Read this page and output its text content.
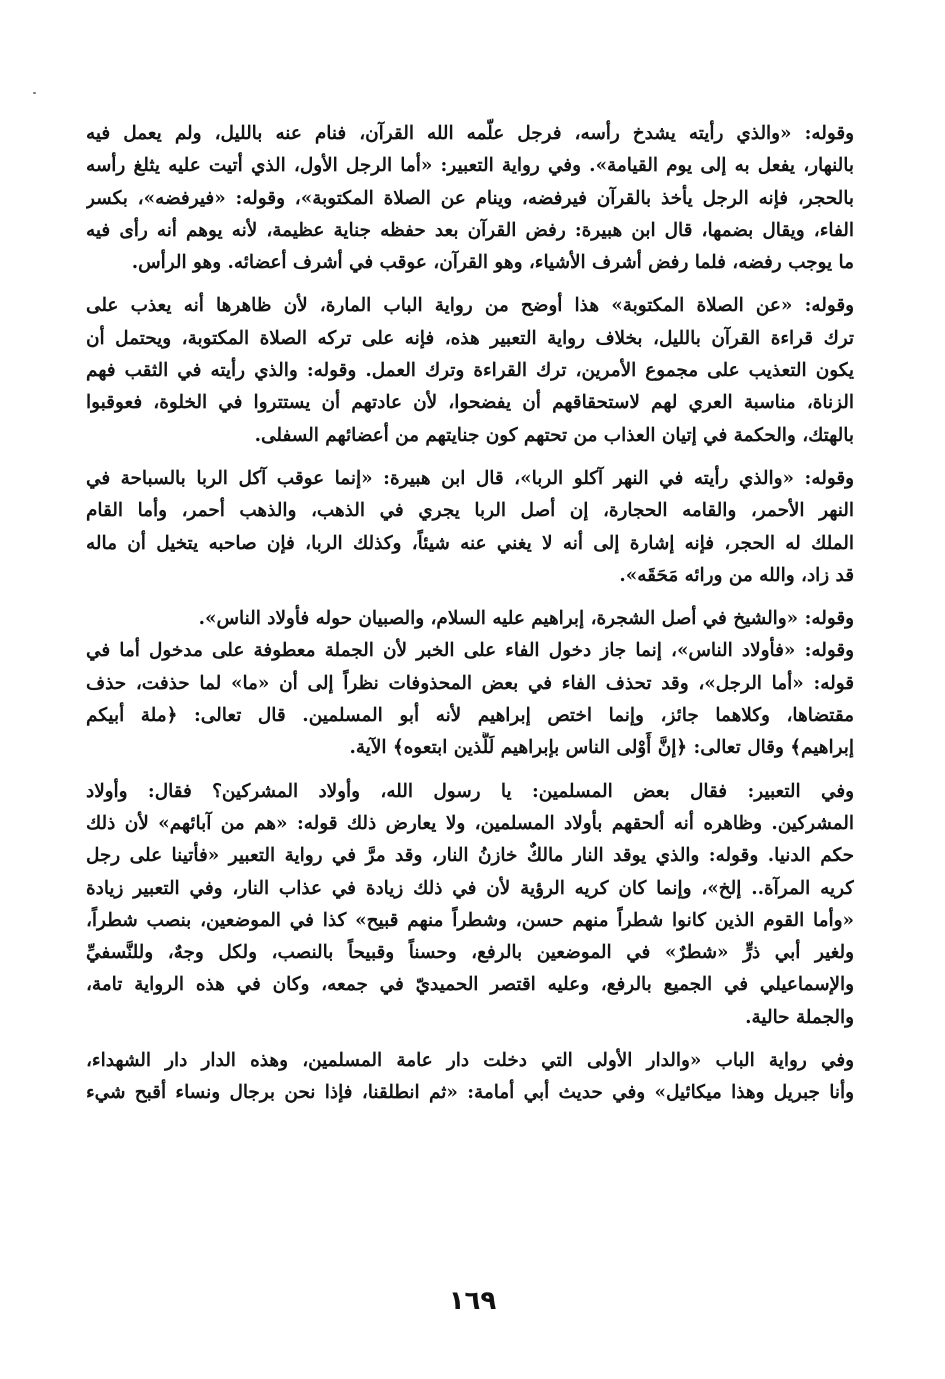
وقوله: «والذي رأيته يشدخ رأسه، فرجل علّمه الله القرآن، فنام عنه بالليل، ولم يعمل فيه
بالنهار، يفعل به إلى يوم القيامة». وفي رواية التعبير: «أما الرجل الأول، الذي أتيت عليه يثلغ رأسه
بالحجر، فإنه الرجل يأخذ بالقرآن فيرفضه، وينام عن الصلاة المكتوبة»، وقوله: «فيرفضه»، بكسر
الفاء، ويقال بضمها، قال ابن هبيرة: رفض القرآن بعد حفظه جناية عظيمة، لأنه يوهم أنه رأى فيه
ما يوجب رفضه، فلما رفض أشرف الأشياء، وهو القرآن، عوقب في أشرف أعضائه. وهو الرأس.

وقوله: «عن الصلاة المكتوبة» هذا أوضح من رواية الباب المارة، لأن ظاهرها أنه يعذب على
ترك قراءة القرآن بالليل، بخلاف رواية التعبير هذه، فإنه على تركه الصلاة المكتوبة، ويحتمل أن
يكون التعذيب على مجموع الأمرين، ترك القراءة وترك العمل. وقوله: والذي رأيته في الثقب فهم
الزناة، مناسبة العري لهم لاستحقاقهم أن يفضحوا، لأن عادتهم أن يستتروا في الخلوة، فعوقبوا
بالهتك، والحكمة في إتيان العذاب من تحتهم كون جنايتهم من أعضائهم السفلى.

وقوله: «والذي رأيته في النهر آكلو الربا»، قال ابن هبيرة: «إنما عوقب آكل الربا بالسباحة في
النهر الأحمر، والقامه الحجارة، إن أصل الربا يجري في الذهب، والذهب أحمر، وأما القام
الملك له الحجر، فإنه إشارة إلى أنه لا يغني عنه شيئاً، وكذلك الربا، فإن صاحبه يتخيل أن ماله
قد زاد، والله من ورائه مَحَقَه».

وقوله: «والشيخ في أصل الشجرة، إبراهيم عليه السلام، والصبيان حوله فأولاد الناس».
وقوله: «فأولاد الناس»، إنما جاز دخول الفاء على الخبر لأن الجملة معطوفة على مدخول أما في
قوله: «أما الرجل»، وقد تحذف الفاء في بعض المحذوفات نظراً إلى أن «ما» لما حذفت، حذف
مقتضاها، وكلاهما جائز، وإنما اختص إبراهيم لأنه أبو المسلمين. قال تعالى: ﴿ملة أبيكم
إبراهيم﴾ وقال تعالى: ﴿إنَّ أَوْلى الناس بإبراهيم لَلَّذين ابتعوه﴾ الآية.

وفي التعبير: فقال بعض المسلمين: يا رسول الله، وأولاد المشركين؟ فقال: وأولاد
المشركين. وظاهره أنه ألحقهم بأولاد المسلمين، ولا يعارض ذلك قوله: «هم من آبائهم» لأن ذلك
حكم الدنيا. وقوله: والذي يوقد النار مالكٌ خازنُ النار، وقد مرَّ في رواية التعبير «فأتينا على رجل
كريه المرآة.. إلخ»، وإنما كان كريه الرؤية لأن في ذلك زيادة في عذاب النار، وفي التعبير زيادة
«وأما القوم الذين كانوا شطراً منهم حسن، وشطراً منهم قبيح» كذا في الموضعين، بنصب شطراً،
ولغير أبي ذرٍّ «شطرٌ» في الموضعين بالرفع، وحسناً وقبيحاً بالنصب، ولكل وجهٌ، وللنَّسفيِّ
والإسماعيلي في الجميع بالرفع، وعليه اقتصر الحميديّ في جمعه، وكان في هذه الرواية تامة،
والجملة حالية.

وفي رواية الباب «والدار الأولى التي دخلت دار عامة المسلمين، وهذه الدار دار الشهداء،
وأنا جبريل وهذا ميكائيل» وفي حديث أبي أمامة: «ثم انطلقنا، فإذا نحن برجال ونساء أقبح شيء

١٦٩
